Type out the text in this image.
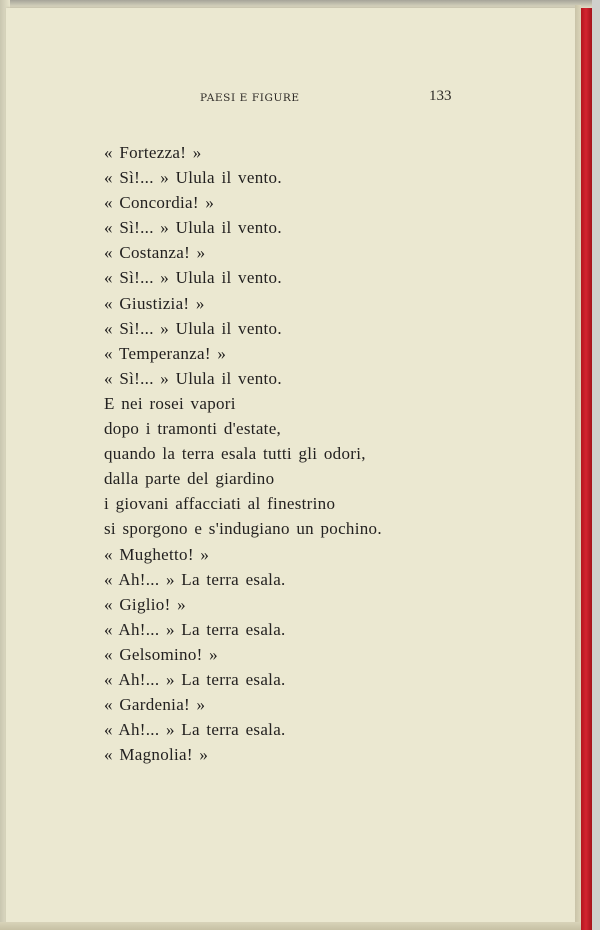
PAESI E FIGURE	133
« Fortezza! »
« Sì!... » Ulula il vento.
« Concordia! »
« Sì!... » Ulula il vento.
« Costanza! »
« Sì!... » Ulula il vento.
« Giustizia! »
« Sì!... » Ulula il vento.
« Temperanza! »
« Sì!... » Ulula il vento.
E nei rosei vapori
dopo i tramonti d'estate,
quando la terra esala tutti gli odori,
dalla parte del giardino
i giovani affacciati al finestrino
si sporgono e s'indugiano un pochino.
« Mughetto! »
« Ah!... » La terra esala.
« Giglio! »
« Ah!... » La terra esala.
« Gelsomino! »
« Ah!... » La terra esala.
« Gardenia! »
« Ah!... » La terra esala.
« Magnolia! »
